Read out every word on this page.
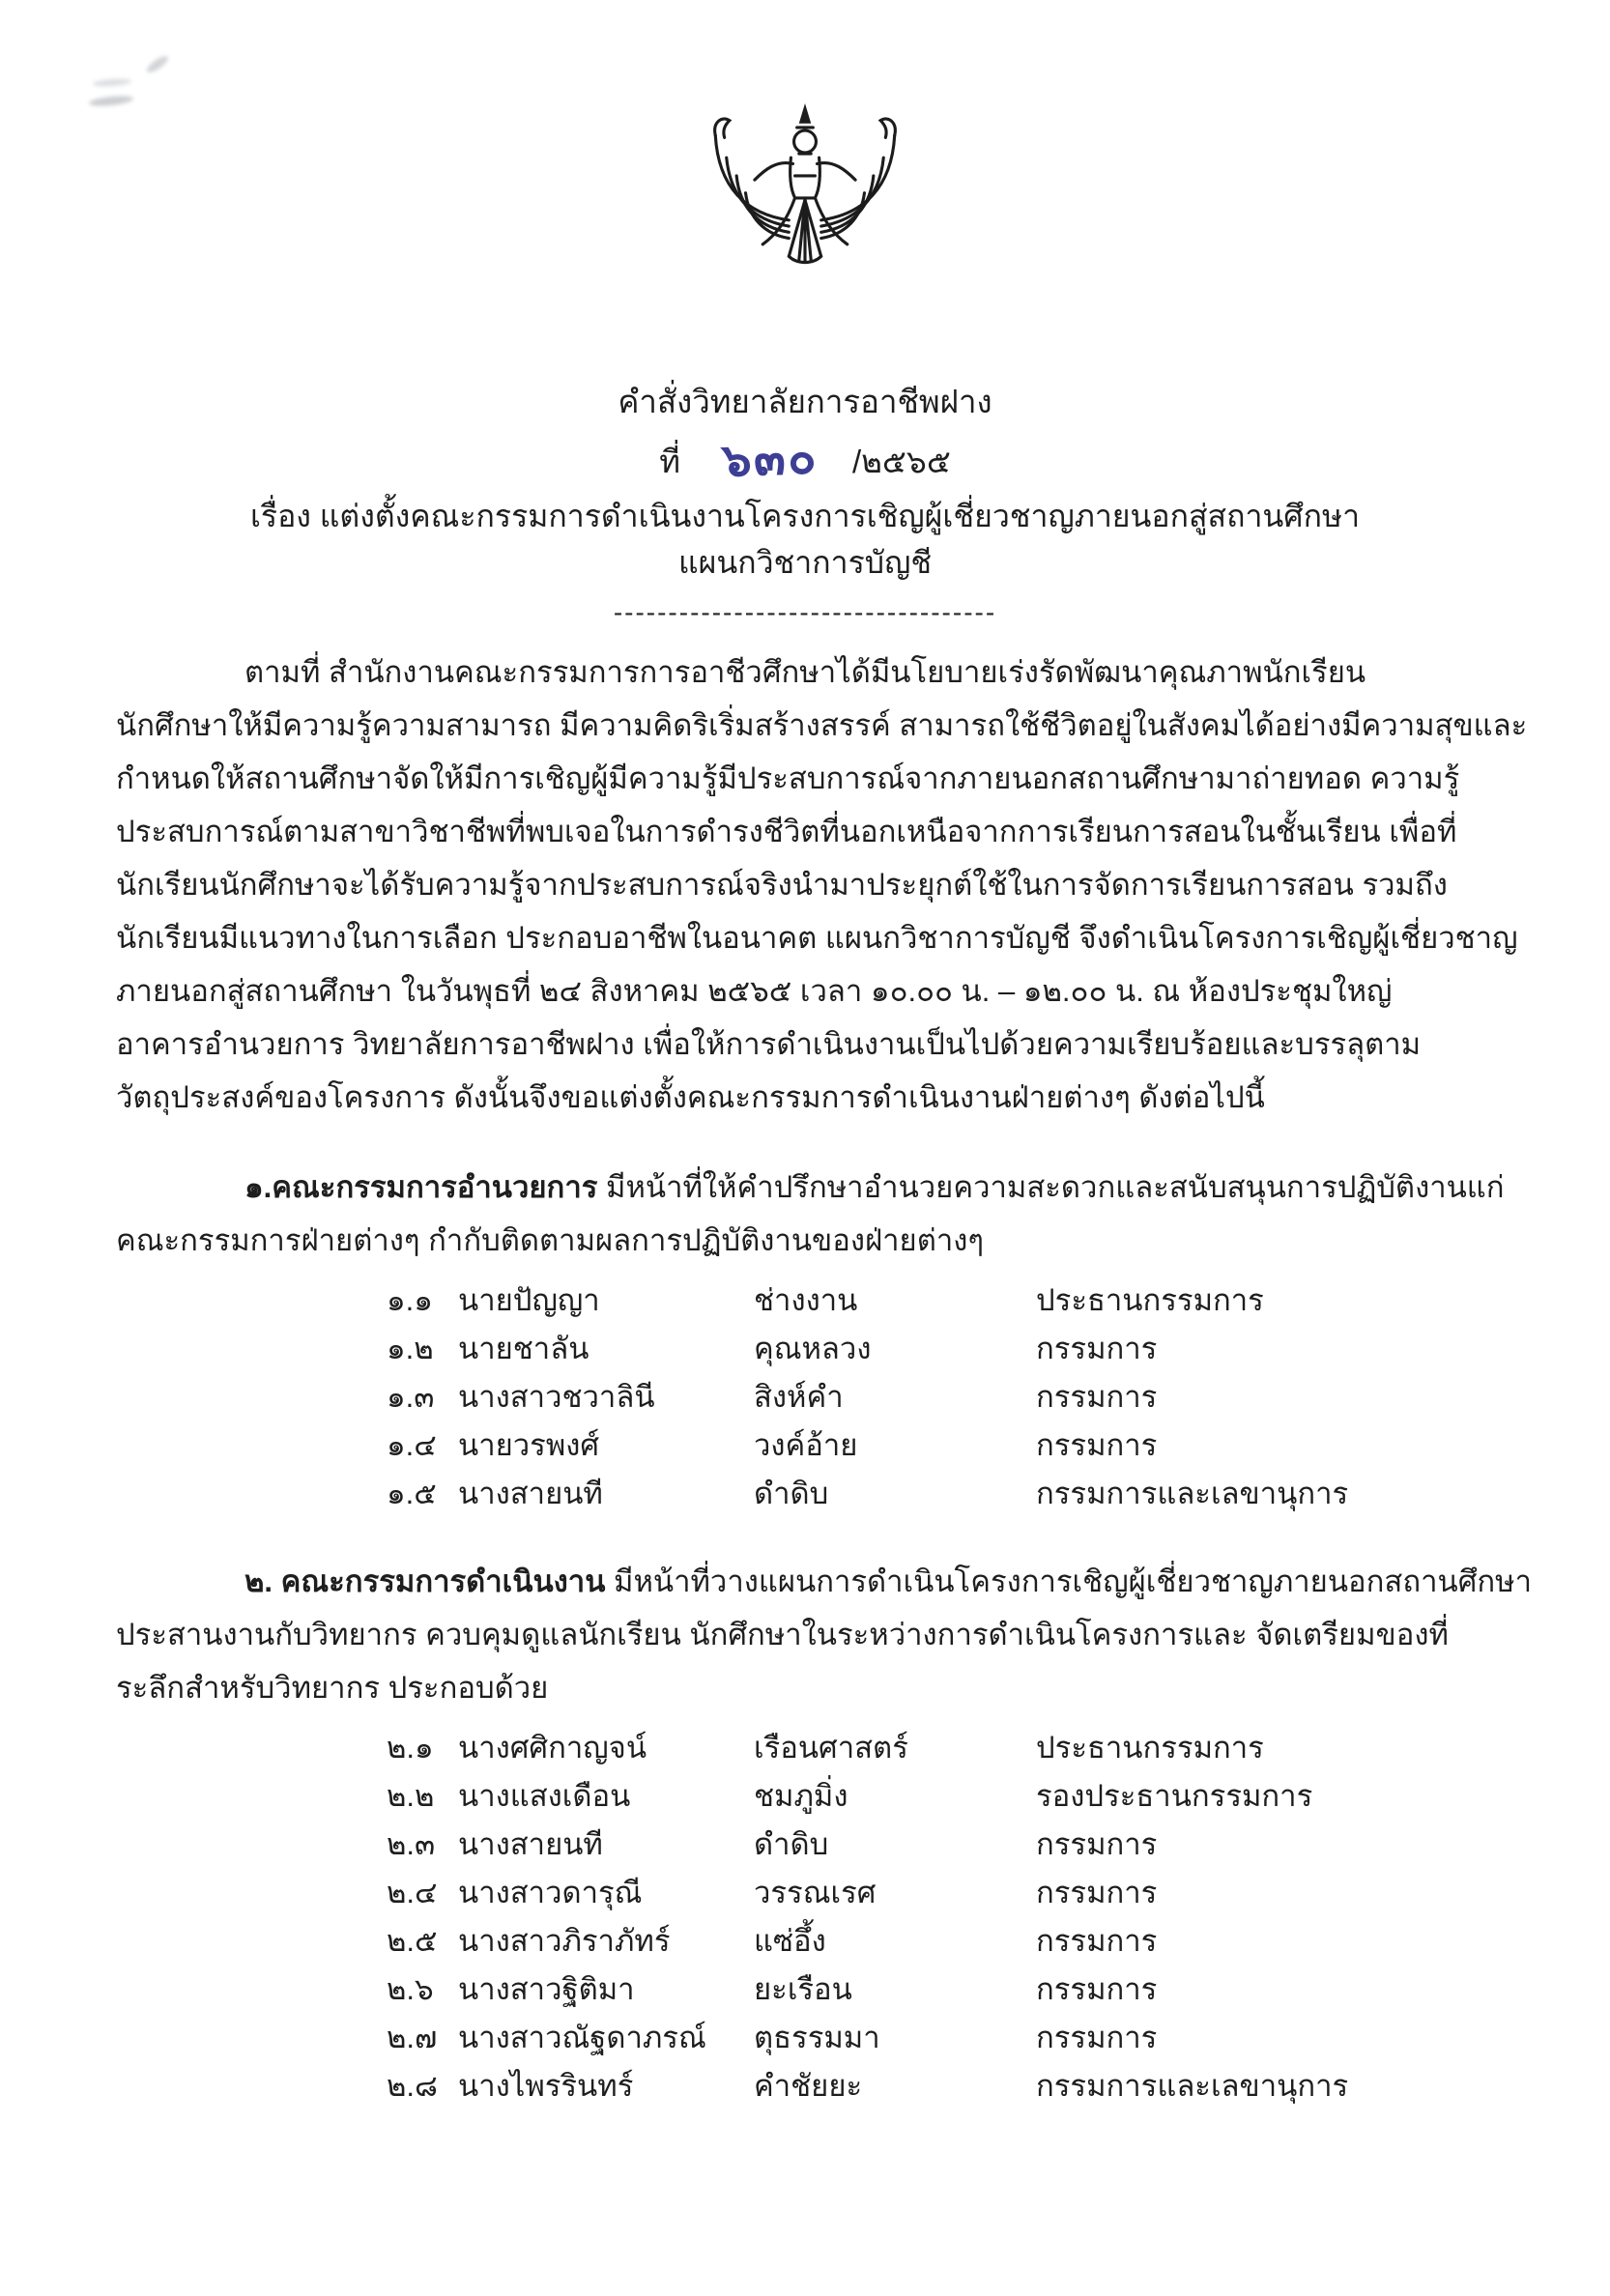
คำสั่งวิทยาลัยการอาชีพฝาง
ที่ ๖๓๐ /๒๕๖๕
เรื่อง แต่งตั้งคณะกรรมการดำเนินงานโครงการเชิญผู้เชี่ยวชาญภายนอกสู่สถานศึกษา
แผนกวิชาการบัญชี
-----------------------------------
ตามที่ สำนักงานคณะกรรมการการอาชีวศึกษาได้มีนโยบายเร่งรัดพัฒนาคุณภาพนักเรียน
นักศึกษาให้มีความรู้ความสามารถ มีความคิดริเริ่มสร้างสรรค์ สามารถใช้ชีวิตอยู่ในสังคมได้อย่างมีความสุขและ
กำหนดให้สถานศึกษาจัดให้มีการเชิญผู้มีความรู้มีประสบการณ์จากภายนอกสถานศึกษามาถ่ายทอด ความรู้
ประสบการณ์ตามสาขาวิชาชีพที่พบเจอในการดำรงชีวิตที่นอกเหนือจากการเรียนการสอนในชั้นเรียน เพื่อที่
นักเรียนนักศึกษาจะได้รับความรู้จากประสบการณ์จริงนำมาประยุกต์ใช้ในการจัดการเรียนการสอน รวมถึง
นักเรียนมีแนวทางในการเลือก ประกอบอาชีพในอนาคต แผนกวิชาการบัญชี จึงดำเนินโครงการเชิญผู้เชี่ยวชาญ
ภายนอกสู่สถานศึกษา ในวันพุธที่ ๒๔ สิงหาคม ๒๕๖๕ เวลา ๑๐.๐๐ น. – ๑๒.๐๐ น. ณ ห้องประชุมใหญ่
อาคารอำนวยการ วิทยาลัยการอาชีพฝาง เพื่อให้การดำเนินงานเป็นไปด้วยความเรียบร้อยและบรรลุตาม
วัตถุประสงค์ของโครงการ ดังนั้นจึงขอแต่งตั้งคณะกรรมการดำเนินงานฝ่ายต่างๆ ดังต่อไปนี้
๑.คณะกรรมการอำนวยการ มีหน้าที่ให้คำปรึกษาอำนวยความสะดวกและสนับสนุนการปฏิบัติงานแก่
คณะกรรมการฝ่ายต่างๆ กำกับติดตามผลการปฏิบัติงานของฝ่ายต่างๆ
๑.๑ นายปัญญา	ช่างงาน	ประธานกรรมการ
๑.๒ นายชาลัน	คุณหลวง	กรรมการ
๑.๓ นางสาวชวาลินี	สิงห์คำ	กรรมการ
๑.๔ นายวรพงศ์	วงค์อ้าย	กรรมการ
๑.๕ นางสายนที	ดำดิบ	กรรมการและเลขานุการ
๒. คณะกรรมการดำเนินงาน มีหน้าที่วางแผนการดำเนินโครงการเชิญผู้เชี่ยวชาญภายนอกสถานศึกษา
ประสานงานกับวิทยากร ควบคุมดูแลนักเรียน นักศึกษาในระหว่างการดำเนินโครงการและ จัดเตรียมของที่
ระลึกสำหรับวิทยากร ประกอบด้วย
๒.๑ นางศศิกาญจน์	เรือนศาสตร์	ประธานกรรมการ
๒.๒ นางแสงเดือน	ชมภูมิ่ง	รองประธานกรรมการ
๒.๓ นางสายนที	ดำดิบ	กรรมการ
๒.๔ นางสาวดารุณี	วรรณเรศ	กรรมการ
๒.๕ นางสาวภิราภัทร์	แซ่อึ้ง	กรรมการ
๒.๖ นางสาวฐิติมา	ยะเรือน	กรรมการ
๒.๗ นางสาวณัฐดาภรณ์	ตุธรรมมา	กรรมการ
๒.๘ นางไพรรินทร์	คำชัยยะ	กรรมการและเลขานุการ
